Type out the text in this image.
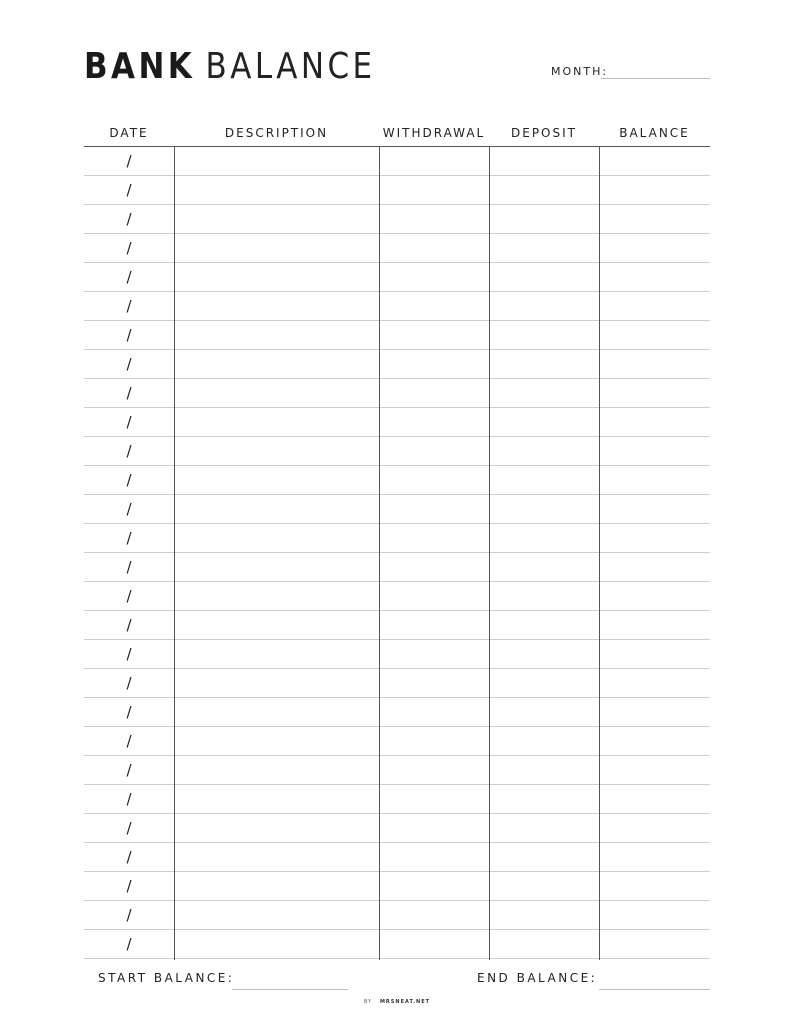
BANK BALANCE	MONTH:
DATE	DESCRIPTION	WITHDRAWAL	DEPOSIT	BALANCE
/
/
/
/
/
/
/
/
/
/
/
/
/
/
/
/
/
/
/
/
/
/
/
/
/
/
/
/
START BALANCE:	END BALANCE:
BY MRSNEAT.NET
